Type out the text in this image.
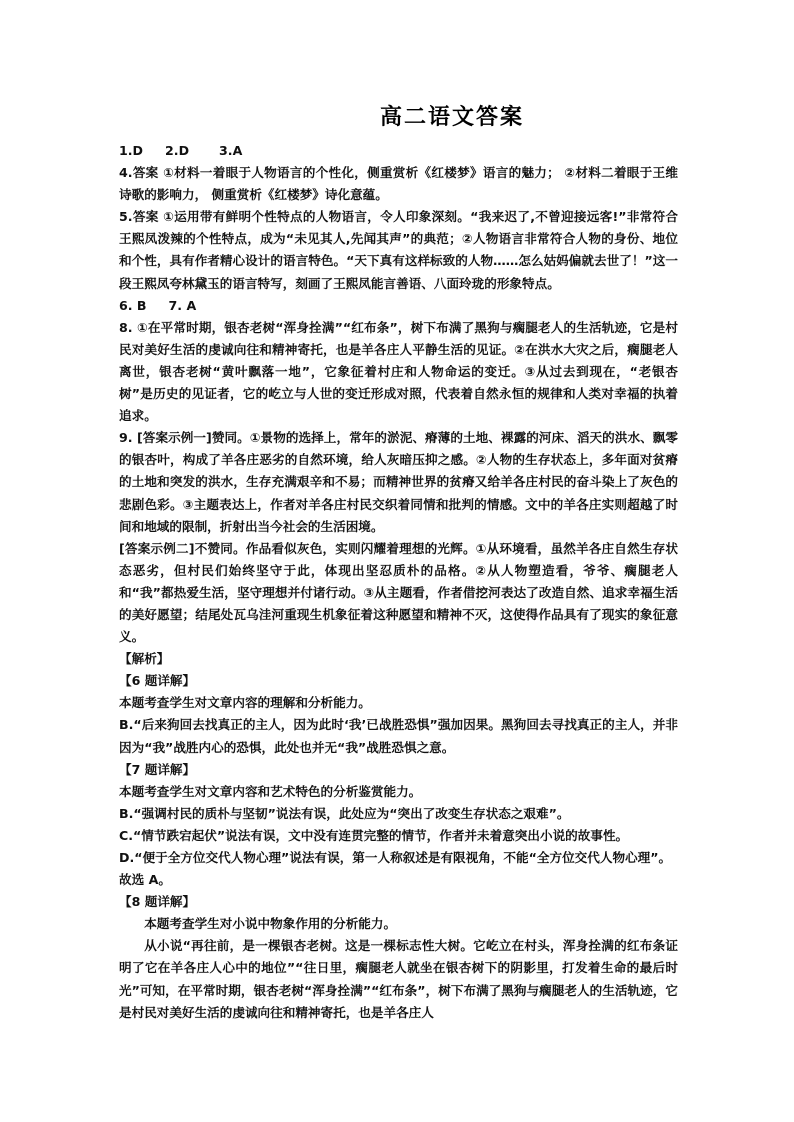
高二语文答案

1.D 2.D 3.A

4.答案 ①材料一着眼于人物语言的个性化，侧重赏析《红楼梦》语言的魅力； ②材料二着眼于王维诗歌的影响力， 侧重赏析《红楼梦》诗化意蕴。

5.答案 ①运用带有鲜明个性特点的人物语言，令人印象深刻。“我来迟了,不曾迎接远客!”非常符合王熙凤泼辣的个性特点，成为“未见其人,先闻其声”的典范；②人物语言非常符合人物的身份、地位和个性，具有作者精心设计的语言特色。“天下真有这样标致的人物……怎么姑妈偏就去世了！”这一段王熙凤夸林黛玉的语言特写，刻画了王熙凤能言善语、八面玲珑的形象特点。

6. B 7. A

8. ①在平常时期，银杏老树“浑身拴满”“红布条”，树下布满了黑狗与瘸腿老人的生活轨迹，它是村民对美好生活的虔诚向往和精神寄托，也是羊各庄人平静生活的见证。②在洪水大灾之后，瘸腿老人离世，银杏老树“黄叶飘落一地”，它象征着村庄和人物命运的变迁。③从过去到现在，“老银杏树”是历史的见证者，它的屹立与人世的变迁形成对照，代表着自然永恒的规律和人类对幸福的执着追求。

9. [答案示例一]赞同。①景物的选择上，常年的淤泥、瘠薄的土地、裸露的河床、滔天的洪水、飘零的银杏叶，构成了羊各庄恶劣的自然环境，给人灰暗压抑之感。②人物的生存状态上，多年面对贫瘠的土地和突发的洪水，生存充满艰辛和不易；而精神世界的贫瘠又给羊各庄村民的奋斗染上了灰色的悲剧色彩。③主题表达上，作者对羊各庄村民交织着同情和批判的情感。文中的羊各庄实则超越了时间和地域的限制，折射出当今社会的生活困境。

[答案示例二]不赞同。作品看似灰色，实则闪耀着理想的光辉。①从环境看，虽然羊各庄自然生存状态恶劣，但村民们始终坚守于此，体现出坚忍质朴的品格。②从人物塑造看，爷爷、瘸腿老人和“我”都热爱生活，坚守理想并付诸行动。③从主题看，作者借挖河表达了改造自然、追求幸福生活的美好愿望；结尾处瓦乌洼河重现生机象征着这种愿望和精神不灭，这使得作品具有了现实的象征意义。

【解析】

【6 题详解】

本题考查学生对文章内容的理解和分析能力。

B.“后来狗回去找真正的主人，因为此时‘我’已战胜恐惧”强加因果。黑狗回去寻找真正的主人，并非因为“我”战胜内心的恐惧，此处也并无“我”战胜恐惧之意。

【7 题详解】

本题考查学生对文章内容和艺术特色的分析鉴赏能力。

B.“强调村民的质朴与坚韧”说法有误，此处应为“突出了改变生存状态之艰难”。

C.“情节跌宕起伏”说法有误，文中没有连贯完整的情节，作者并未着意突出小说的故事性。

D.“便于全方位交代人物心理”说法有误，第一人称叙述是有限视角，不能“全方位交代人物心理”。

故选 A。

【8 题详解】

本题考查学生对小说中物象作用的分析能力。

从小说“再往前，是一棵银杏老树。这是一棵标志性大树。它屹立在村头，浑身拴满的红布条证明了它在羊各庄人心中的地位”“往日里，瘸腿老人就坐在银杏树下的阴影里，打发着生命的最后时光”可知，在平常时期，银杏老树“浑身拴满”“红布条”，树下布满了黑狗与瘸腿老人的生活轨迹，它是村民对美好生活的虔诚向往和精神寄托，也是羊各庄人
